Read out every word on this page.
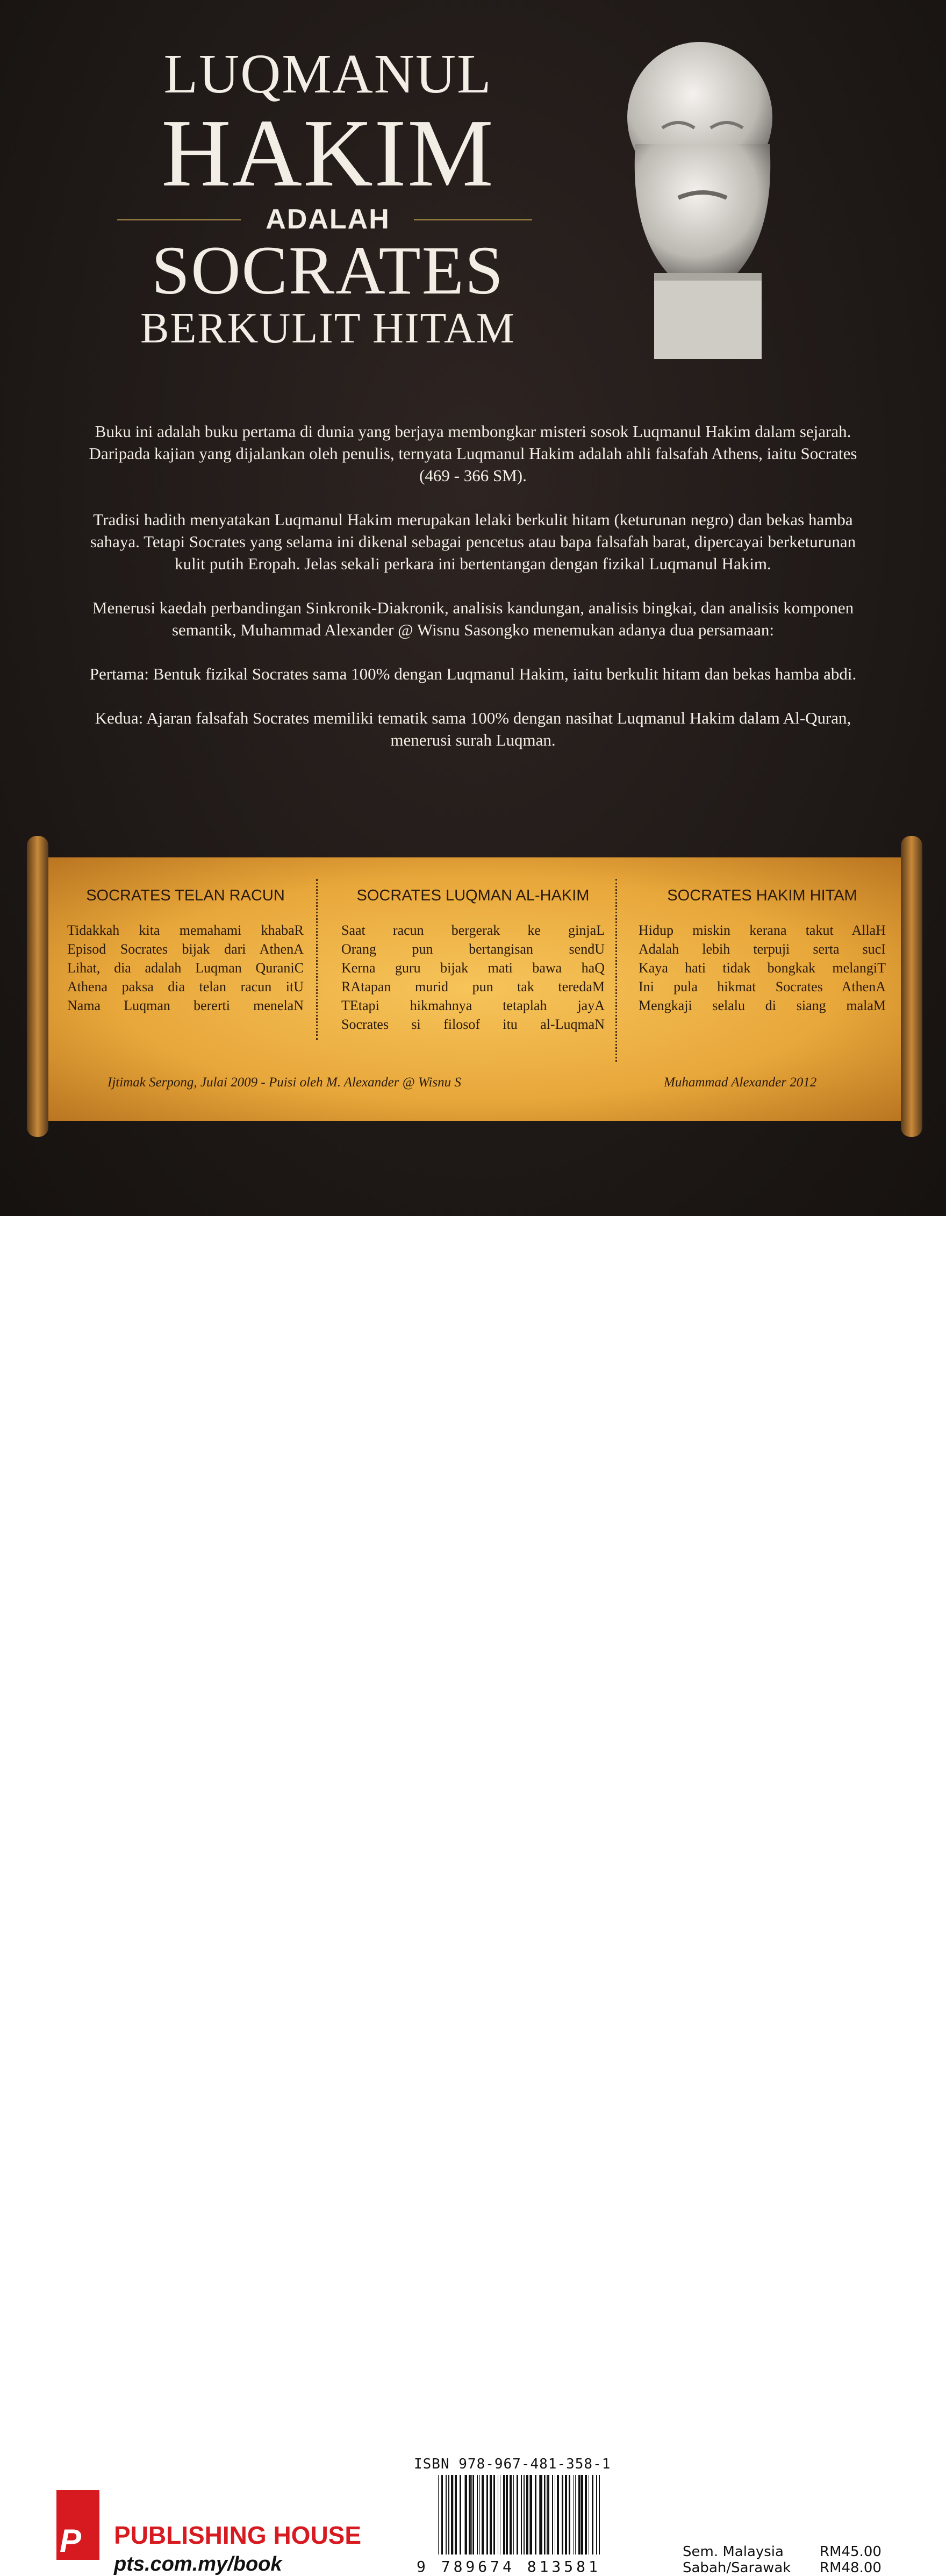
LUQMANUL
HAKIM
ADALAH
SOCRATES
BERKULIT HITAM

Buku ini adalah buku pertama di dunia yang berjaya membongkar misteri sosok Luqmanul Hakim dalam sejarah. Daripada kajian yang dijalankan oleh penulis, ternyata Luqmanul Hakim adalah ahli falsafah Athens, iaitu Socrates (469 - 366 SM).

Tradisi hadith menyatakan Luqmanul Hakim merupakan lelaki berkulit hitam (keturunan negro) dan bekas hamba sahaya. Tetapi Socrates yang selama ini dikenal sebagai pencetus atau bapa falsafah barat, dipercayai berketurunan kulit putih Eropah. Jelas sekali perkara ini bertentangan dengan fizikal Luqmanul Hakim.

Menerusi kaedah perbandingan Sinkronik-Diakronik, analisis kandungan, analisis bingkai, dan analisis komponen semantik, Muhammad Alexander @ Wisnu Sasongko menemukan adanya dua persamaan:

Pertama: Bentuk fizikal Socrates sama 100% dengan Luqmanul Hakim, iaitu berkulit hitam dan bekas hamba abdi.

Kedua: Ajaran falsafah Socrates memiliki tematik sama 100% dengan nasihat Luqmanul Hakim dalam Al-Quran, menerusi surah Luqman.

SOCRATES TELAN RACUN
Tidakkah kita memahami khabaR
Episod Socrates bijak dari AthenA
Lihat, dia adalah Luqman QuraniC
Athena paksa dia telan racun itU
Nama Luqman bererti menelaN
SOCRATES LUQMAN AL-HAKIM
Saat racun bergerak ke ginjaL
Orang pun bertangisan sendU
Kerna guru bijak mati bawa haQ
RAtapan murid pun tak teredaM
TEtapi hikmahnya tetaplah jayA
Socrates si filosof itu al-LuqmaN
SOCRATES HAKIM HITAM
Hidup miskin kerana takut AllaH
Adalah lebih terpuji serta sucI
Kaya hati tidak bongkak melangiT
Ini pula hikmat Socrates AthenA
Mengkaji selalu di siang malaM
Ijtimak Serpong, Julai 2009 - Puisi oleh M. Alexander @ Wisnu S	Muhammad Alexander 2012
P PUBLISHING HOUSE
pts.com.my/book
ISBN 978-967-481-358-1
9 789674 813581
Sem. Malaysia	RM45.00
Sabah/Sarawak RM48.00
